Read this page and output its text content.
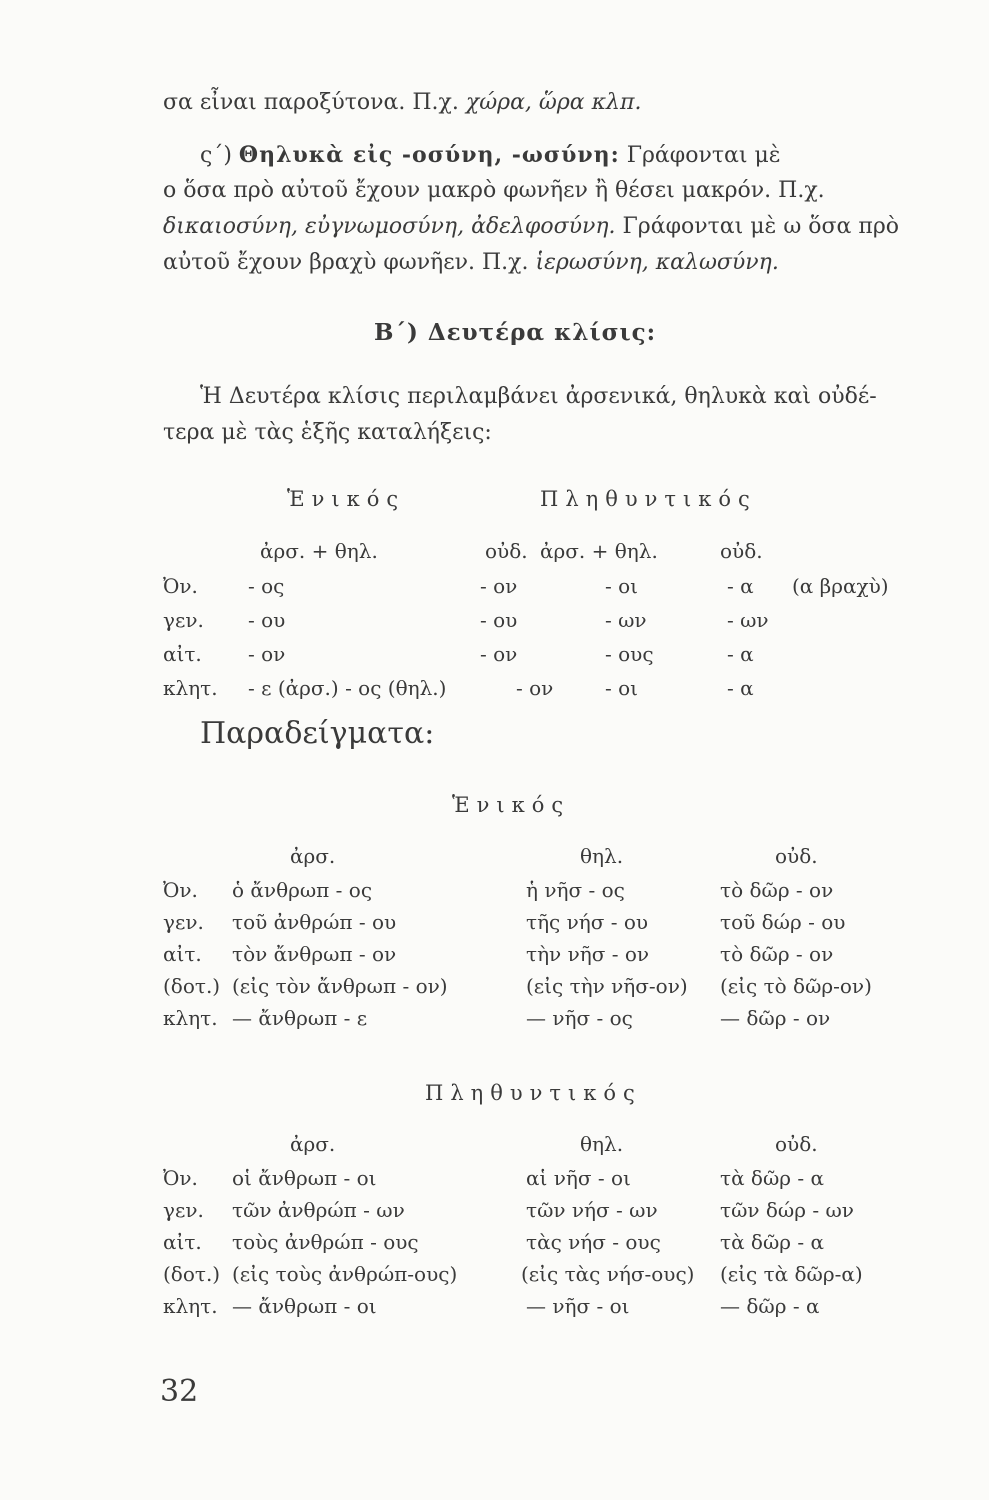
σα εἶναι παροξύτονα. Π.χ. χώρα, ὥρα κλπ.
ς΄) Θηλυκὰ εἰς -οσύνη, -ωσύνη: Γράφονται μὲ
ο ὅσα πρὸ αὐτοῦ ἔχουν μακρὸ φωνῆεν ἢ θέσει μακρόν. Π.χ.
δικαιοσύνη, εὐγνωμοσύνη, ἀδελφοσύνη. Γράφονται μὲ ω ὅσα πρὸ
αὐτοῦ ἔχουν βραχὺ φωνῆεν. Π.χ. ἱερωσύνη, καλωσύνη.
Β΄) Δευτέρα κλίσις:
Ἡ Δευτέρα κλίσις περιλαμβάνει ἀρσενικά, θηλυκὰ καὶ οὐδέ-
τερα μὲ τὰς ἑξῆς καταλήξεις:
Ἑνικός	Πληθυντικός
ἀρσ. + θηλ.	οὐδ. ἀρσ. + θηλ.	οὐδ.
Ὀν.	- ος	- ον	- οι	- α (α βραχὺ)
γεν. - ου	- ου	- ων	- ων
αἰτ. - ον	- ον	- ους	- α
κλητ. - ε (ἀρσ.) - ος (θηλ.)	- ον	- οι	- α
Παραδείγματα:
Ἑνικός
ἀρσ.	θηλ.	οὐδ.
Ὀν. ὁ ἄνθρωπ - ος	ἡ νῆσ - ος	τὸ δῶρ - ον
γεν. τοῦ ἀνθρώπ - ου	τῆς νήσ - ου	τοῦ δώρ - ου
αἰτ. τὸν ἄνθρωπ - ον	τὴν νῆσ - ον	τὸ δῶρ - ον
(δοτ.) (εἰς τὸν ἄνθρωπ - ον)	(εἰς τὴν νῆσ-ον) (εἰς τὸ δῶρ-ον)
κλητ. — ἄνθρωπ - ε	— νῆσ - ος	— δῶρ - ον
Πληθυντικός
ἀρσ.	θηλ.	οὐδ.
Ὀν. οἱ ἄνθρωπ - οι	αἱ νῆσ - οι	τὰ δῶρ - α
γεν. τῶν ἀνθρώπ - ων	τῶν νήσ - ων	τῶν δώρ - ων
αἰτ. τοὺς ἀνθρώπ - ους	τὰς νήσ - ους	τὰ δῶρ - α
(δοτ.) (εἰς τοὺς ἀνθρώπ-ους)	(εἰς τὰς νήσ-ους) (εἰς τὰ δῶρ-α)
κλητ. — ἄνθρωπ - οι	— νῆσ - οι	— δῶρ - α
32
